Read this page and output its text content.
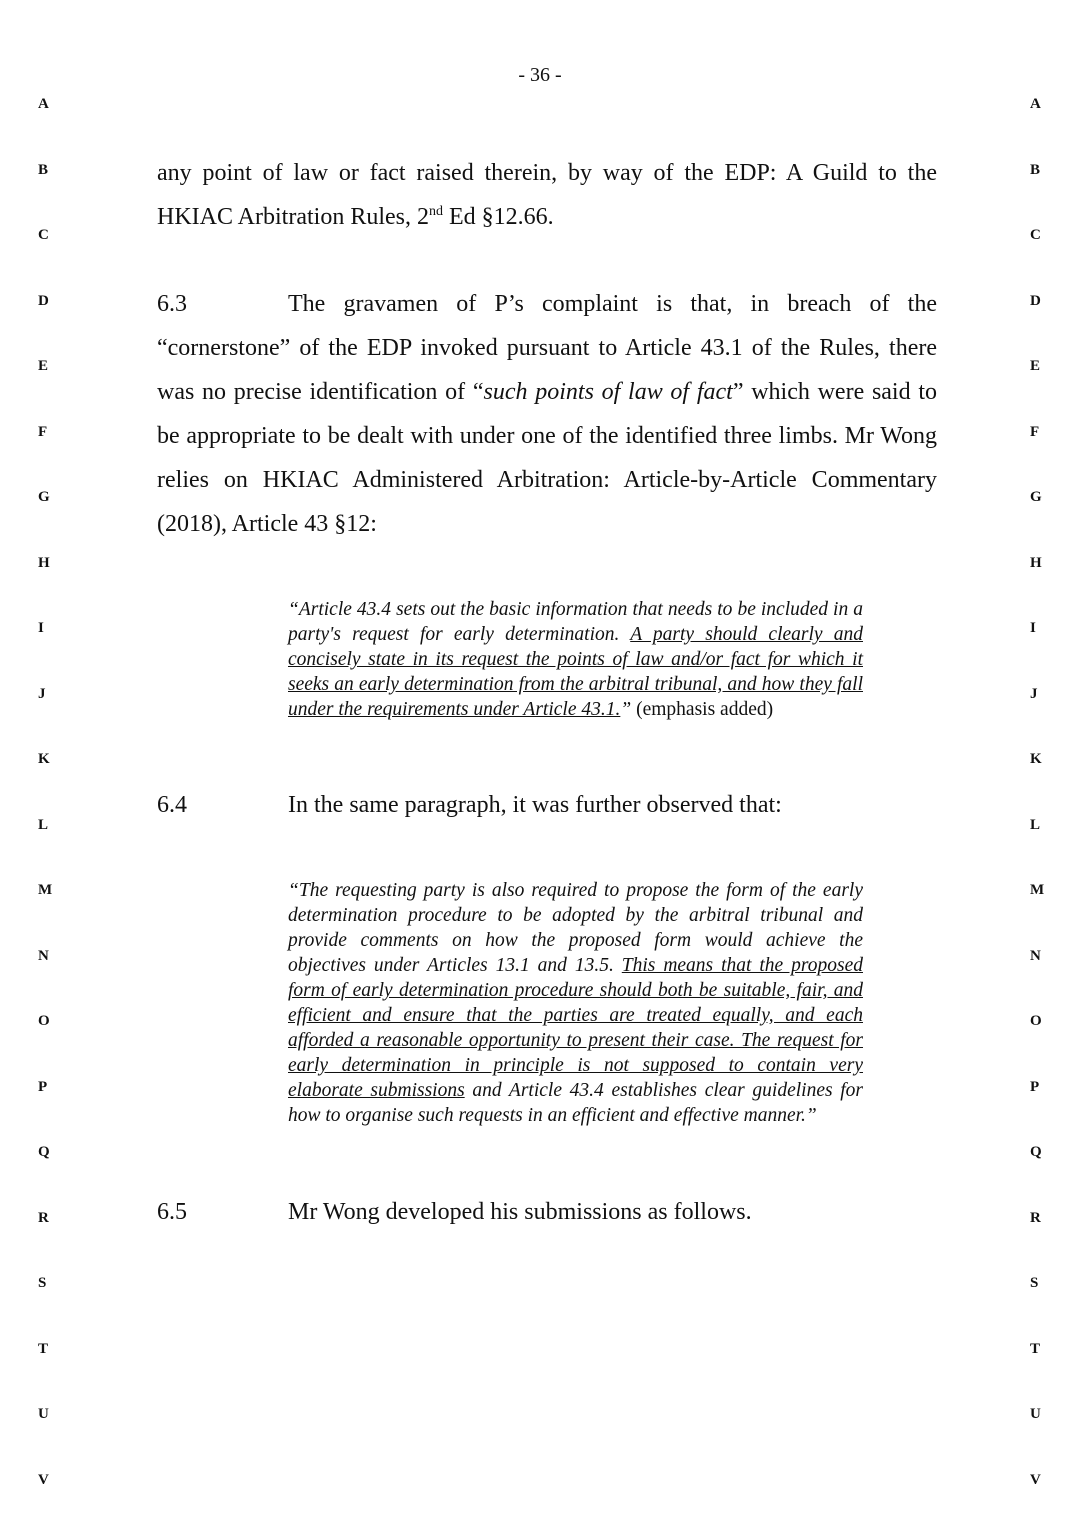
- 36 -
A
B
C
D
E
F
G
H
I
J
K
L
M
N
O
P
Q
R
S
T
U
V
A
B
C
D
E
F
G
H
I
J
K
L
M
N
O
P
Q
R
S
T
U
V

any point of law or fact raised therein, by way of the EDP: A Guild to the

HKIAC Arbitration Rules, 2nd Ed §12.66.

6.3	The gravamen of P’s complaint is that, in breach of the “cornerstone” of the EDP invoked pursuant to Article 43.1 of the Rules, there was no precise identification of “such points of law of fact” which were said to be appropriate to be dealt with under one of the identified three limbs. Mr Wong relies on HKIAC Administered Arbitration: Article-by-Article Commentary (2018), Article 43 §12:

“Article 43.4 sets out the basic information that needs to be included in a party's request for early determination. A party should clearly and concisely state in its request the points of law and/or fact for which it seeks an early determination from the arbitral tribunal, and how they fall under the requirements under Article 43.1.” (emphasis added)

6.4	In the same paragraph, it was further observed that:

“The requesting party is also required to propose the form of the early determination procedure to be adopted by the arbitral tribunal and provide comments on how the proposed form would achieve the objectives under Articles 13.1 and 13.5. This means that the proposed form of early determination procedure should both be suitable, fair, and efficient and ensure that the parties are treated equally, and each afforded a reasonable opportunity to present their case. The request for early determination in principle is not supposed to contain very elaborate submissions and Article 43.4 establishes clear guidelines for how to organise such requests in an efficient and effective manner.”

6.5	Mr Wong developed his submissions as follows.
